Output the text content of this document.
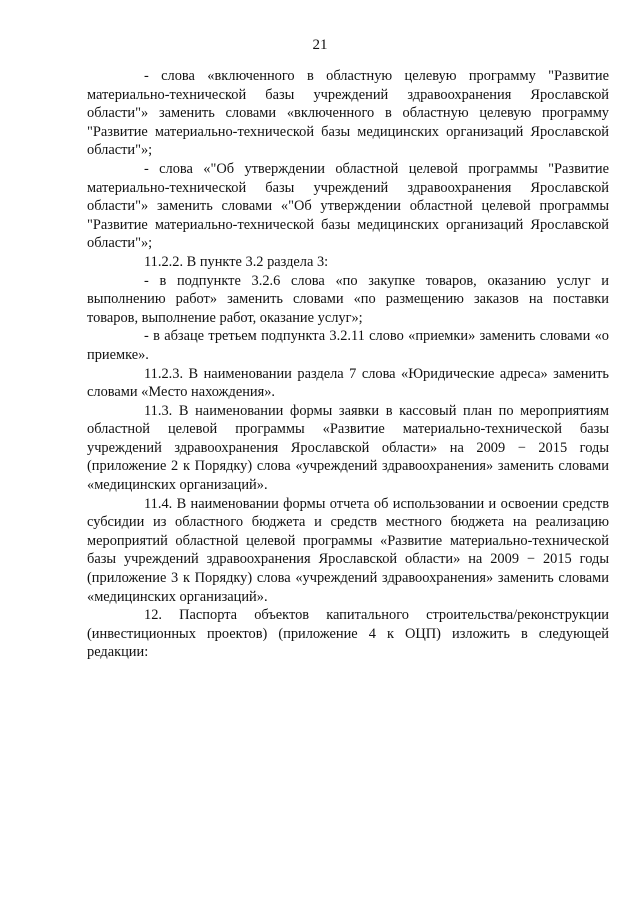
21

- слова «включенного в областную целевую программу "Развитие материально-технической базы учреждений здравоохранения Ярославской области"» заменить словами «включенного в областную целевую программу "Развитие материально-технической базы медицинских организаций Ярославской области"»;

- слова «"Об утверждении областной целевой программы "Развитие материально-технической базы учреждений здравоохранения Ярославской области"» заменить словами «"Об утверждении областной целевой программы "Развитие материально-технической базы медицинских организаций Ярославской области"»;

11.2.2. В пункте 3.2 раздела 3:

- в подпункте 3.2.6 слова «по закупке товаров, оказанию услуг и выполнению работ» заменить словами «по размещению заказов на поставки товаров, выполнение работ, оказание услуг»;

- в абзаце третьем подпункта 3.2.11 слово «приемки» заменить словами «о приемке».

11.2.3. В наименовании раздела 7 слова «Юридические адреса» заменить словами «Место нахождения».

11.3. В наименовании формы заявки в кассовый план по мероприятиям областной целевой программы «Развитие материально-технической базы учреждений здравоохранения Ярославской области» на 2009 − 2015 годы (приложение 2 к Порядку) слова «учреждений здравоохранения» заменить словами «медицинских организаций».

11.4. В наименовании формы отчета об использовании и освоении средств субсидии из областного бюджета и средств местного бюджета на реализацию мероприятий областной целевой программы «Развитие материально-технической базы учреждений здравоохранения Ярославской области» на 2009 − 2015 годы (приложение 3 к Порядку) слова «учреждений здравоохранения» заменить словами «медицинских организаций».

12. Паспорта объектов капитального строительства/реконструкции (инвестиционных проектов) (приложение 4 к ОЦП) изложить в следующей редакции:
